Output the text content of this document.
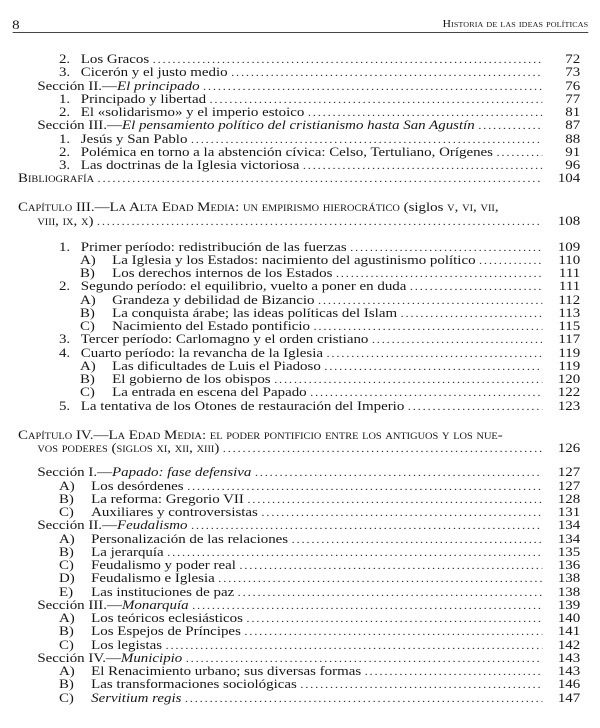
8	Historia de las ideas políticas
2. Los Gracos . . .	72
3. Cicerón y el justo medio . . .	73
Sección II.—El principado . . .	76
1. Principado y libertad . . .	77
2. El «solidarismo» y el imperio estoico . . .	81
Sección III.—El pensamiento político del cristianismo hasta San Agustín . . .	87
1. Jesús y San Pablo . . .	88
2. Polémica en torno a la abstención cívica: Celso, Tertuliano, Orígenes . . .	91
3. Las doctrinas de la Iglesia victoriosa . . .	96
Bibliografía . . .	104
Capítulo III.—La Alta Edad Media: un empirismo hierocrático (siglos v, vi, vii,
viii, ix, x) . . .	108
1. Primer período: redistribución de las fuerzas . . .	109
A)	La Iglesia y los Estados: nacimiento del agustinismo político . . .	110
B)	Los derechos internos de los Estados . . .	111
2. Segundo período: el equilibrio, vuelto a poner en duda . . .	111
A)	Grandeza y debilidad de Bizancio . . .	112
B)	La conquista árabe; las ideas políticas del Islam . . .	113
C)	Nacimiento del Estado pontificio . . .	115
3. Tercer período: Carlomagno y el orden cristiano . . .	117
4. Cuarto período: la revancha de la Iglesia . . .	119
A)	Las dificultades de Luis el Piadoso . . .	119
B)	El gobierno de los obispos . . .	120
C)	La entrada en escena del Papado . . .	122
5. La tentativa de los Otones de restauración del Imperio . . .	123
Capítulo IV.—La Edad Media: el poder pontificio entre los antiguos y los nue-
vos poderes (siglos xi, xii, xiii) . . .	126
Sección I.—Papado: fase defensiva . . .	127
A)	Los desórdenes . . .	127
B)	La reforma: Gregorio VII . . .	128
C)	Auxiliares y controversistas . . .	131
Sección II.—Feudalismo . . .	134
A)	Personalización de las relaciones . . .	134
B)	La jerarquía . . .	135
C)	Feudalismo y poder real . . .	136
D)	Feudalismo e Iglesia . . .	138
E)	Las instituciones de paz . . .	138
Sección III.—Monarquía . . .	139
A)	Los teóricos eclesiásticos . . .	140
B)	Los Espejos de Príncipes . . .	141
C)	Los legistas . . .	142
Sección IV.—Municipio . . .	143
A)	El Renacimiento urbano; sus diversas formas . . .	143
B)	Las transformaciones sociológicas . . .	146
C)	Servitium regis . . .	147
